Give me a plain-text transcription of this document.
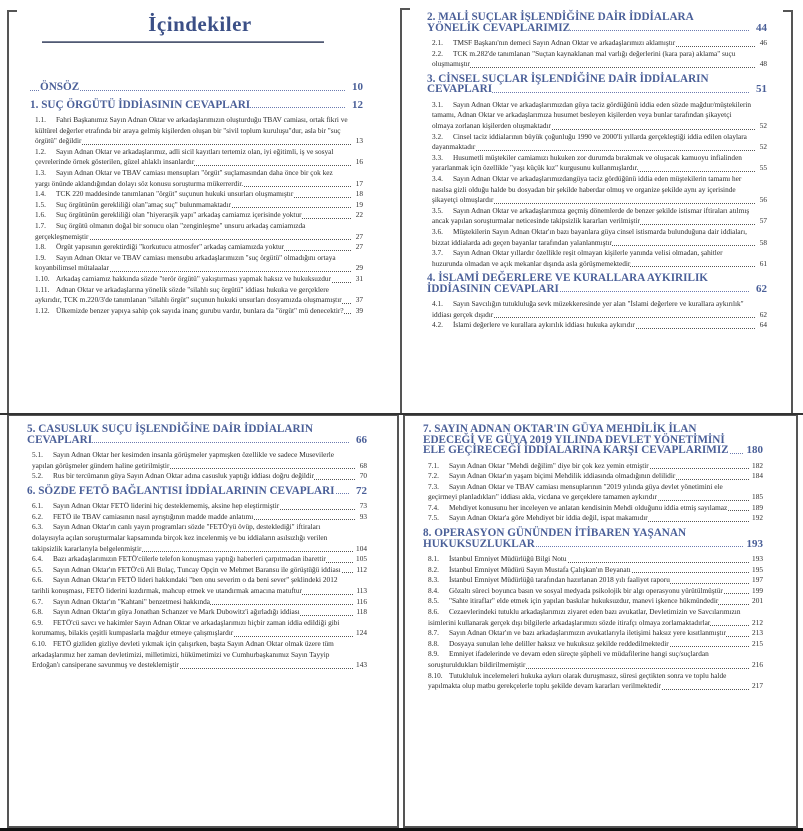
İçindekiler
ÖNSÖZ	10
1. SUÇ ÖRGÜTÜ İDDİASININ CEVAPLARI	12
1.1. Fahri Başkanımız Sayın Adnan Oktar ve arkadaşlarımızın oluşturduğu TBAV camiası, ortak fikri ve kültürel değerler etrafında bir araya gelmiş kişilerden oluşan bir "sivil toplum kuruluşu"dur, asla bir "suç örgütü" değildir	13
1.2. Sayın Adnan Oktar ve arkadaşlarımız, adli sicil kayıtları tertemiz olan, iyi eğitimli, iş ve sosyal çevrelerinde örnek gösterilen, güzel ahlaklı insanlardır	16
1.3. Sayın Adnan Oktar ve TBAV camiası mensupları "örgüt" suçlamasından daha önce bir çok kez yargı önünde aklandığından dolayı söz konusu soruşturma mükerrerdir.	17
1.4. TCK 220 maddesinde tanımlanan "örgüt" suçunun hukuki unsurları oluşmamıştır	18
1.5. Suç örgütünün gerekliliği olan"amaç suç" bulunmamaktadır	19
1.6. Suç örgütünün gerekliliği olan "hiyerarşik yapı" arkadaş camiamız içerisinde yoktur	22
1.7. Suç örgütü olmanın doğal bir sonucu olan "zenginleşme" unsuru arkadaş camiamızda gerçekleşmemiştir	27
1.8. Örgüt yapısının gerektirdiği "korkutucu atmosfer" arkadaş camiamızda yoktur	27
1.9. Sayın Adnan Oktar ve TBAV camiası mensubu arkadaşlarımızın "suç örgütü" olmadığını ortaya koyanbilimsel mütalaalar	29
1.10. Arkadaş camiamız hakkında sözde "terör örgütü" yakıştırması yapmak haksız ve hukuksuzdur	31
1.11. Adnan Oktar ve arkadaşlarına yönelik sözde "silahlı suç örgütü" iddiası hukuka ve gerçeklere aykırıdır, TCK m.220/3'de tanımlanan "silahlı örgüt" suçunun hukuki unsurları dosyamızda oluşmamıştır 37
1.12. Ülkemizde benzer yapıya sahip çok sayıda inanç gurubu vardır, bunlara da "örgüt" mü denecektir? 39
2. MALİ SUÇLAR İŞLENDİĞİNE DAİR İDDİALARA YÖNELİK CEVAPLARIMIZ	44
2.1. TMSF Başkanı'nın demeci Sayın Adnan Oktar ve arkadaşlarımızı aklamıştır	46
2.2. TCK m.282'de tanımlanan "Suçtan kaynaklanan mal varlığı değerlerini (kara para) aklama" suçu oluşmamıştır	48
3. CİNSEL SUÇLAR İŞLENDİĞİNE DAİR İDDİALARIN CEVAPLARI	51
3.1. Sayın Adnan Oktar ve arkadaşlarımızdan güya taciz gördüğünü iddia eden sözde mağdur/müştekilerin tamamı, Adnan Oktar ve arkadaşlarımıza husumet besleyen kişilerden veya bunlar tarafından şikayetçi olmaya zorlanan kişilerden oluşmaktadır	52
3.2. Cinsel taciz iddialarının büyük çoğunluğu 1990 ve 2000'li yıllarda gerçekleştiği iddia edilen olaylara dayanmaktadır	52
3.3. Husumetli müştekiler camiamızı hukuken zor durumda bırakmak ve oluşacak kamuoyu infialinden yararlanmak için özellikle "yaşı küçük kız" kurgusunu kullanmışlardır.	55
3.4. Sayın Adnan Oktar ve arkadaşlarımızdangüya taciz gördüğünü iddia eden müştekilerin tamamı her nasılsa gizli olduğu halde bu dosyadan bir şekilde haberdar olmuş ve organize şekilde aynı ay içerisinde şikayetçi olmuşlardır	56
3.5. Sayın Adnan Oktar ve arkadaşlarımıza geçmiş dönemlerde de benzer şekilde istismar iftiraları atılmış ancak yapılan soruşturmalar neticesinde takipsizlik kararları verilmiştir	57
3.6. Müştekilerin Sayın Adnan Oktar'ın bazı bayanlara güya cinsel istismarda bulunduğuna dair iddiaları, bizzat iddialarda adı geçen bayanlar tarafından yalanlanmıştır	58
3.7. Sayın Adnan Oktar yıllardır özellikle reşit olmayan kişilerle yanında velisi olmadan, şahitler huzurunda olmadan ve açık mekanlar dışında asla görüşmemektedir	61
4. İSLAMİ DEĞERLERE VE KURALLARA AYKIRILIK İDDİASININ CEVAPLARI	62
4.1. Sayın Savcılığın tutukluluğa sevk müzekkeresinde yer alan "İslami değerlere ve kurallara aykırılık" iddiası gerçek dışıdır	62
4.2. İslami değerlere ve kurallara aykırılık iddiası hukuka aykırıdır	64
5. CASUSLUK SUÇU İŞLENDİĞİNE DAİR İDDİALARIN CEVAPLARI	66
5.1. Sayın Adnan Oktar her kesimden insanla görüşmeler yapmışken özellikle ve sadece Musevilerle yapılan görüşmeler gündem haline getirilmiştir	68
5.2. Rus bir tercümanın güya Sayın Adnan Oktar adına casusluk yaptığı iddiası doğru değildir	70
6. SÖZDE FETÖ BAĞLANTISI İDDİALARININ CEVAPLARI 72
6.1. Sayın Adnan Oktar FETÖ liderini hiç desteklememiş, aksine hep eleştirmiştir	73
6.2. FETÖ ile TBAV camiasının nasıl ayrıştığının madde madde anlatımı	93
6.3. Sayın Adnan Oktar'ın canlı yayın programları sözde "FETÖ'yü övüp, desteklediği" iftiraları dolayısıyla açılan soruşturmalar kapsamında birçok kez incelenmiş ve bu iddiaların asılsızlığı verilen takipsizlik kararlarıyla belgelenmiştir	104
6.4. Bazı arkadaşlarımızın FETÖ'cülerle telefon konuşması yaptığı haberleri çarpıtmadan ibarettir	105
6.5. Sayın Adnan Oktar'ın FETÖ'cü Ali Bulaç, Tuncay Opçin ve Mehmet Baransu ile görüştüğü iddiası 112
6.6. Sayın Adnan Oktar'ın FETÖ lideri hakkındaki "ben onu severim o da beni sever" şeklindeki 2012 tarihli konuşması, FETÖ liderini kızdırmak, mahcup etmek ve utandırmak amacına matuftur	113
6.7. Sayın Adnan Oktar'ın "Kahtani" benzetmesi hakkında	116
6.8. Sayın Adnan Oktar'ın güya Jonathan Schanzer ve Mark Dubowitz'i ağırladığı iddiası	118
6.9. FETÖ'cü savcı ve hakimler Sayın Adnan Oktar ve arkadaşlarımızı hiçbir zaman iddia edildiği gibi korumamış, bilakis çeşitli kumpaslarla mağdur etmeye çalışmışlardır	124
6.10. FETÖ gizliden gizliye devleti yıkmak için çalışırken, başta Sayın Adnan Oktar olmak üzere tüm arkadaşlarımız her zaman devletimizi, milletimizi, hükümetimizi ve Cumhurbaşkanımız Sayın Tayyip Erdoğan'ı cansiperane savunmuş ve desteklemiştir	143
7. SAYIN ADNAN OKTAR'IN GÜYA MEHDİLİK İLAN EDECEĞİ VE GÜYA 2019 YILINDA DEVLET YÖNETİMİNİ ELE GEÇİRECEĞİ İDDİALARINA KARŞI CEVAPLARIMIZ 180
7.1. Sayın Adnan Oktar "Mehdi değilim" diye bir çok kez yemin etmiştir	182
7.2. Sayın Adnan Oktar'ın yaşam biçimi Mehdilik iddiasında olmadığının delilidir	184
7.3. Sayın Adnan Oktar ve TBAV camiası mensuplarının "2019 yılında güya devlet yönetimini ele geçirmeyi planladıkları" iddiası akla, vicdana ve gerçeklere tamamen aykırıdır	185
7.4. Mehdiyet konusunu her inceleyen ve anlatan kendisinin Mehdi olduğunu iddia etmiş sayılamaz	189
7.5. Sayın Adnan Oktar'a göre Mehdiyet bir iddia değil, ispat makamıdır	192
8. OPERASYON GÜNÜNDEN İTİBAREN YAŞANAN HUKUKSUZLUKLAR	193
8.1. İstanbul Emniyet Müdürlüğü Bilgi Notu	193
8.2. İstanbul Emniyet Müdürü Sayın Mustafa Çalışkan'ın Beyanatı	195
8.3. İstanbul Emniyet Müdürlüğü tarafından hazırlanan 2018 yılı faaliyet raporu	197
8.4. Gözaltı süreci boyunca basın ve sosyal medyada psikolojik bir algı operasyonu yürütülmüştür	199
8.5. "Sahte itiraflar" elde etmek için yapılan baskılar hukuksuzdur, manevi işkence hükmündedir	201
8.6. Cezaevlerindeki tutuklu arkadaşlarımızı ziyaret eden bazı avukatlar, Devletimizin ve Savcılarımızın isimlerini kullanarak gerçek dışı bilgilerle arkadaşlarımızı sözde itirafçı olmaya zorlamaktadırlar	212
8.7. Sayın Adnan Oktar'ın ve bazı arkadaşlarımızın avukatlarıyla iletişimi haksız yere kısıtlanmıştır	213
8.8. Dosyaya sunulan lehe deliller haksız ve hukuksuz şekilde reddedilmektedir	215
8.9. Emniyet ifadelerinde ve devam eden süreçte şüpheli ve müdafilerine hangi suç/suçlardan soruşturuldukları bildirilmemiştir	216
8.10. Tutukluluk incelemeleri hukuka aykırı olarak duruşmasız, süresi geçtikten sonra ve toplu halde yapılmakta olup matbu gerekçelerle toplu şekilde devam kararları verilmektedir	217
